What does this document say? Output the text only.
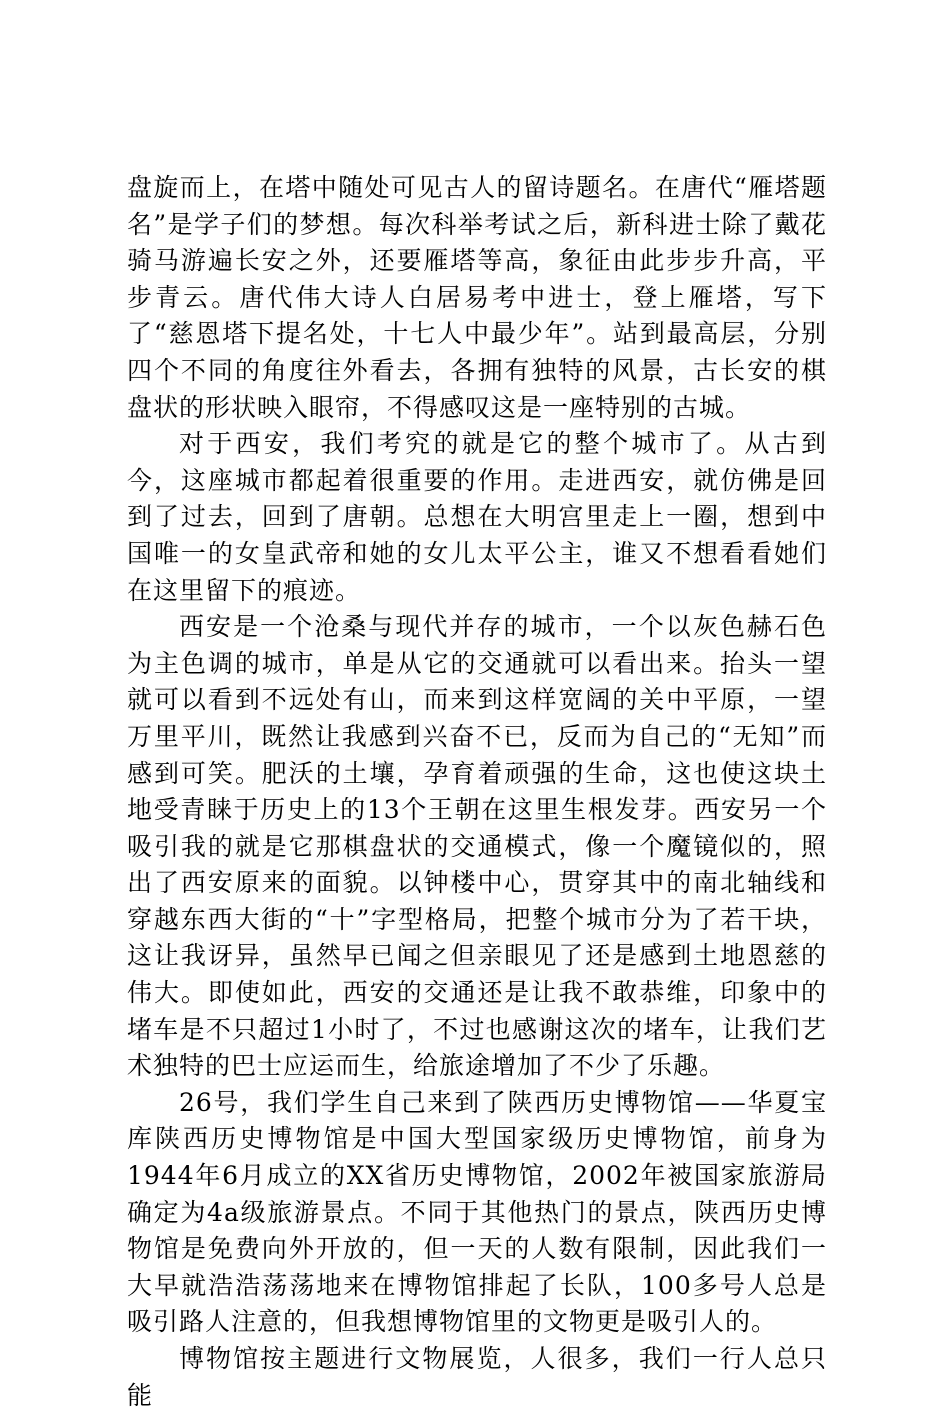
盘旋而上，在塔中随处可见古人的留诗题名。在唐代“雁塔题名”是学子们的梦想。每次科举考试之后，新科进士除了戴花骑马游遍长安之外，还要雁塔等高，象征由此步步升高，平步青云。唐代伟大诗人白居易考中进士，登上雁塔，写下了“慈恩塔下提名处，十七人中最少年”。站到最高层，分别四个不同的角度往外看去，各拥有独特的风景，古长安的棋盘状的形状映入眼帘，不得感叹这是一座特别的古城。

对于西安，我们考究的就是它的整个城市了。从古到今，这座城市都起着很重要的作用。走进西安，就仿佛是回到了过去，回到了唐朝。总想在大明宫里走上一圈，想到中国唯一的女皇武帝和她的女儿太平公主，谁又不想看看她们在这里留下的痕迹。

西安是一个沧桑与现代并存的城市，一个以灰色赫石色为主色调的城市，单是从它的交通就可以看出来。抬头一望就可以看到不远处有山，而来到这样宽阔的关中平原，一望万里平川，既然让我感到兴奋不已，反而为自己的“无知”而感到可笑。肥沃的土壤，孕育着顽强的生命，这也使这块土地受青睐于历史上的13个王朝在这里生根发芽。西安另一个吸引我的就是它那棋盘状的交通模式，像一个魔镜似的，照出了西安原来的面貌。以钟楼中心，贯穿其中的南北轴线和穿越东西大街的“十”字型格局，把整个城市分为了若干块，这让我讶异，虽然早已闻之但亲眼见了还是感到土地恩慈的伟大。即使如此，西安的交通还是让我不敢恭维，印象中的堵车是不只超过1小时了，不过也感谢这次的堵车，让我们艺术独特的巴士应运而生，给旅途增加了不少了乐趣。

26号，我们学生自己来到了陕西历史博物馆——华夏宝库陕西历史博物馆是中国大型国家级历史博物馆，前身为1944年6月成立的XX省历史博物馆，2002年被国家旅游局确定为4a级旅游景点。不同于其他热门的景点，陕西历史博物馆是免费向外开放的，但一天的人数有限制，因此我们一大早就浩浩荡荡地来在博物馆排起了长队，100多号人总是吸引路人注意的，但我想博物馆里的文物更是吸引人的。

博物馆按主题进行文物展览，人很多，我们一行人总只能
